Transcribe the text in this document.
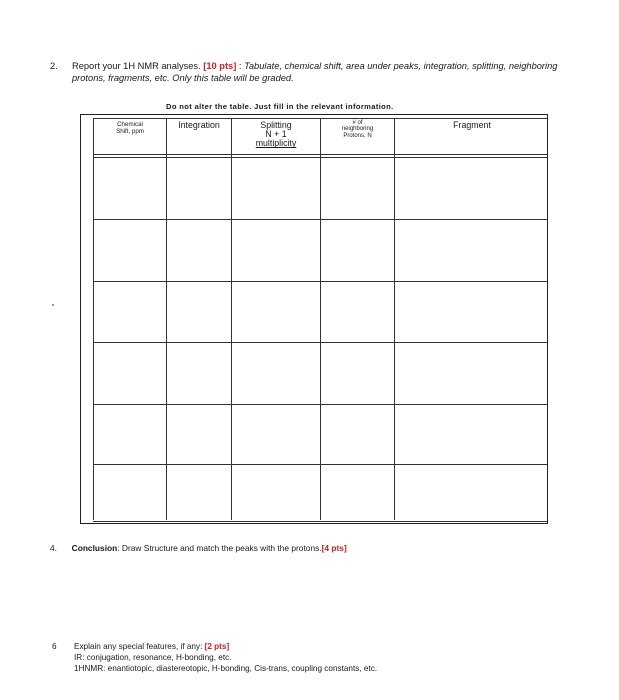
2. Report your 1H NMR analyses. [10 pts] : Tabulate, chemical shift, area under peaks, integration, splitting, neighboring protons, fragments, etc. Only this table will be graded.
Do not alter the table. Just fill in the relevant information.
Chemical
Shift, ppm
Integration	Splitting
N + 1
multiplicity
# of
neighboring
Protons, N
Fragment
4. Conclusion: Draw Structure and match the peaks with the protons.[4 pts]
6 Explain any special features, if any: [2 pts]
IR: conjugation, resonance, H-bonding, etc.
1HNMR: enantiotopic, diastereotopic, H-bonding, Cis-trans, coupling constants, etc.
